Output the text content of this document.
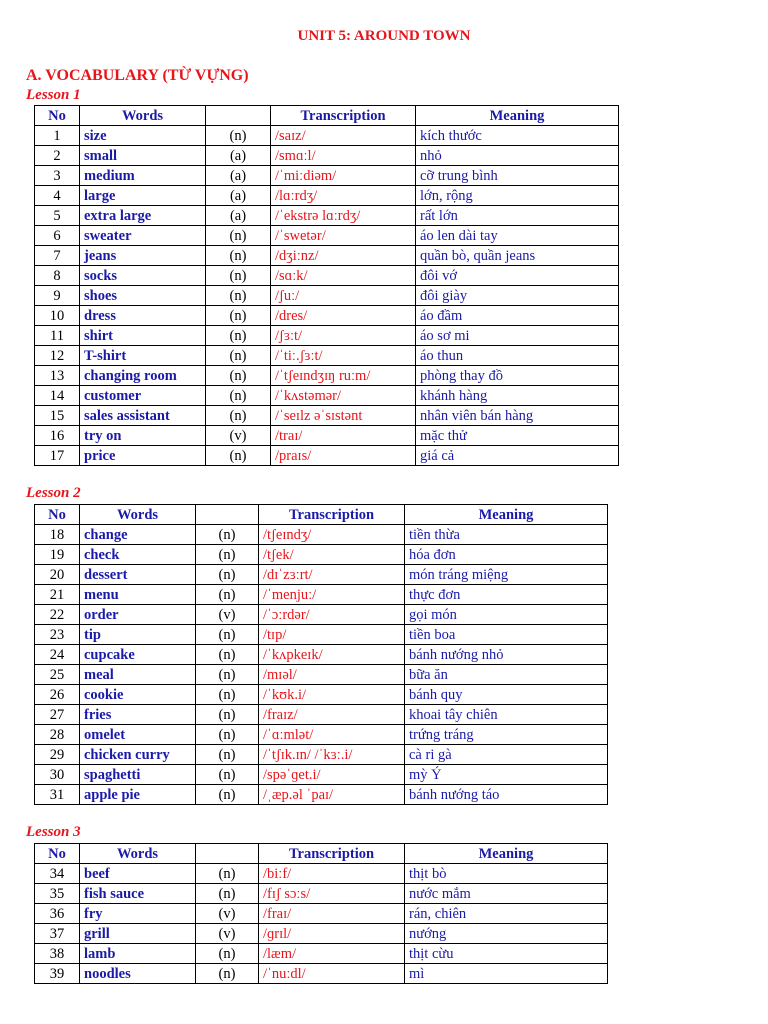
UNIT 5: AROUND TOWN
A. VOCABULARY (TỪ VỰNG)
Lesson 1
No	Words		Transcription	Meaning
1	size	(n)	/saɪz/	kích thước
2	small	(a)	/smɑːl/	nhỏ
3	medium	(a)	/ˈmiːdiəm/	cỡ trung bình
4	large	(a)	/lɑːrdʒ/	lớn, rộng
5	extra large	(a)	/ˈekstrə lɑːrdʒ/	rất lớn
6	sweater	(n)	/ˈswetər/	áo len dài tay
7	jeans	(n)	/dʒiːnz/	quần bò, quần jeans
8	socks	(n)	/sɑːk/	đôi vớ
9	shoes	(n)	/ʃuː/	đôi giày
10	dress	(n)	/dres/	áo đầm
11	shirt	(n)	/ʃɜːt/	áo sơ mi
12	T-shirt	(n)	/ˈtiː.ʃɜːt/	áo thun
13	changing room	(n)	/ˈtʃeɪndʒɪŋ ruːm/	phòng thay đồ
14	customer	(n)	/ˈkʌstəmər/	khánh hàng
15	sales assistant	(n)	/ˈseɪlz əˈsɪstənt	nhân viên bán hàng
16	try on	(v)	/traɪ/	mặc thử
17	price	(n)	/praɪs/	giá cả
Lesson 2
No	Words		Transcription	Meaning
18	change	(n)	/tʃeɪndʒ/	tiền thừa
19	check	(n)	/tʃek/	hóa đơn
20	dessert	(n)	/dɪˈzɜːrt/	món tráng miệng
21	menu	(n)	/ˈmenjuː/	thực đơn
22	order	(v)	/ˈɔːrdər/	gọi món
23	tip	(n)	/tɪp/	tiền boa
24	cupcake	(n)	/ˈkʌpkeɪk/	bánh nướng nhỏ
25	meal	(n)	/mɪəl/	bữa ăn
26	cookie	(n)	/ˈkʊk.i/	bánh quy
27	fries	(n)	/fraɪz/	khoai tây chiên
28	omelet	(n)	/ˈɑːmlət/	trứng tráng
29	chicken curry	(n)	/ˈtʃɪk.ɪn/ /ˈkɜː.i/	cà ri gà
30	spaghetti	(n)	/spəˈɡet.i/	mỳ Ý
31	apple pie	(n)	/ˌæp.əl ˈpaɪ/	bánh nướng táo
Lesson 3
No	Words		Transcription	Meaning
34	beef	(n)	/biːf/	thịt bò
35	fish sauce	(n)	/fɪʃ sɔːs/	nước mắm
36	fry	(v)	/fraɪ/	rán, chiên
37	grill	(v)	/ɡrɪl/	nướng
38	lamb	(n)	/læm/	thịt cừu
39	noodles	(n)	/ˈnuːdl/	mì
